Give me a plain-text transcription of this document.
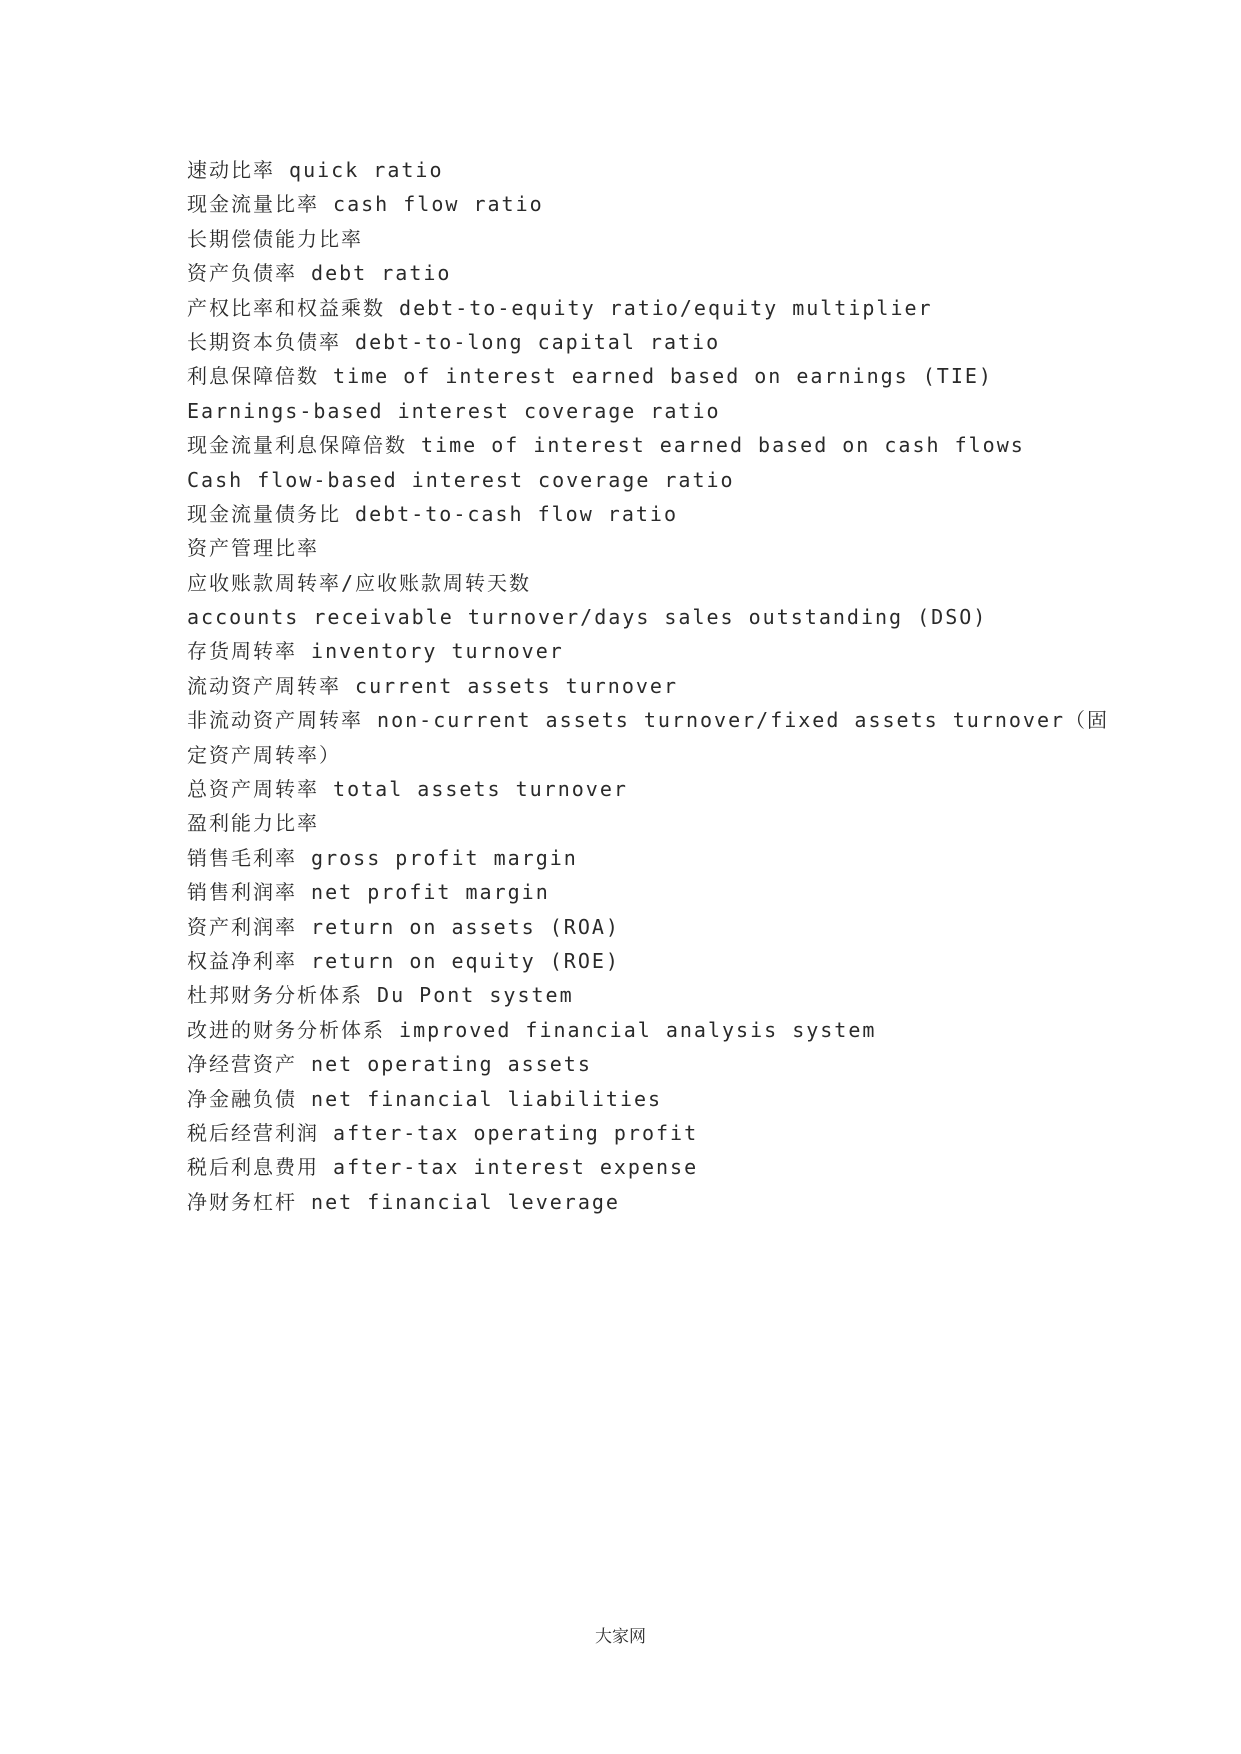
速动比率 quick ratio
现金流量比率 cash flow ratio
长期偿债能力比率
资产负债率 debt ratio
产权比率和权益乘数 debt-to-equity ratio/equity multiplier
长期资本负债率 debt-to-long capital ratio
利息保障倍数 time of interest earned based on earnings (TIE)
Earnings-based interest coverage ratio
现金流量利息保障倍数 time of interest earned based on cash flows
Cash flow-based interest coverage ratio
现金流量债务比 debt-to-cash flow ratio
资产管理比率
应收账款周转率/应收账款周转天数
accounts receivable turnover/days sales outstanding (DSO)
存货周转率 inventory turnover
流动资产周转率 current assets turnover
非流动资产周转率 non-current assets turnover/fixed assets turnover（固
定资产周转率）
总资产周转率 total assets turnover
盈利能力比率
销售毛利率 gross profit margin
销售利润率 net profit margin
资产利润率 return on assets (ROA)
权益净利率 return on equity (ROE)
杜邦财务分析体系 Du Pont system
改进的财务分析体系 improved financial analysis system
净经营资产 net operating assets
净金融负债 net financial liabilities
税后经营利润 after-tax operating profit
税后利息费用 after-tax interest expense
净财务杠杆 net financial leverage
大家网
